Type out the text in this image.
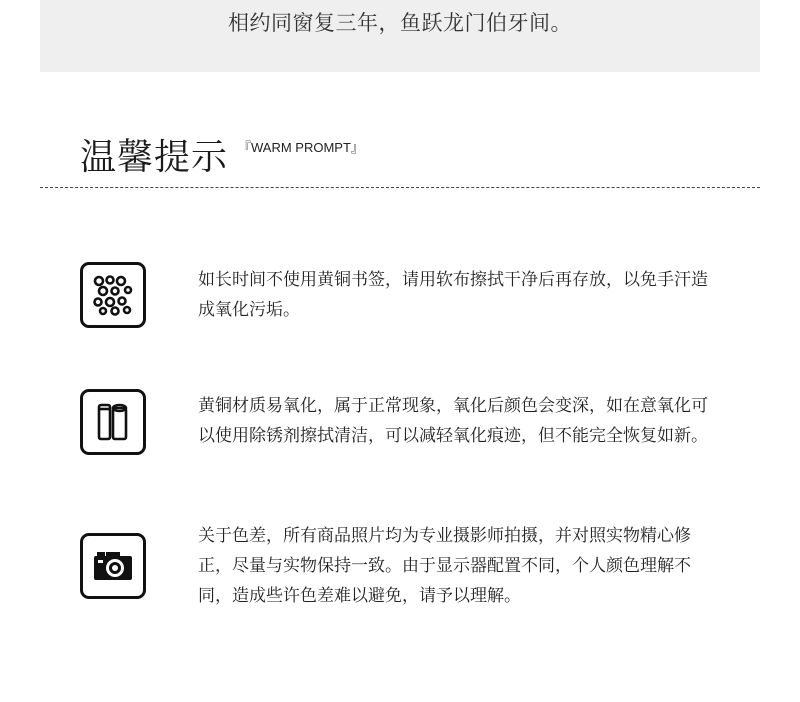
相约同窗复三年，鱼跃龙门伯牙间。
温馨提示 『WARM PROMPT』
如长时间不使用黄铜书签，请用软布擦拭干净后再存放，以免手汗造成氧化污垢。
黄铜材质易氧化，属于正常现象，氧化后颜色会变深，如在意氧化可以使用除锈剂擦拭清洁，可以减轻氧化痕迹，但不能完全恢复如新。
关于色差，所有商品照片均为专业摄影师拍摄，并对照实物精心修正，尽量与实物保持一致。由于显示器配置不同，个人颜色理解不同，造成些许色差难以避免，请予以理解。
